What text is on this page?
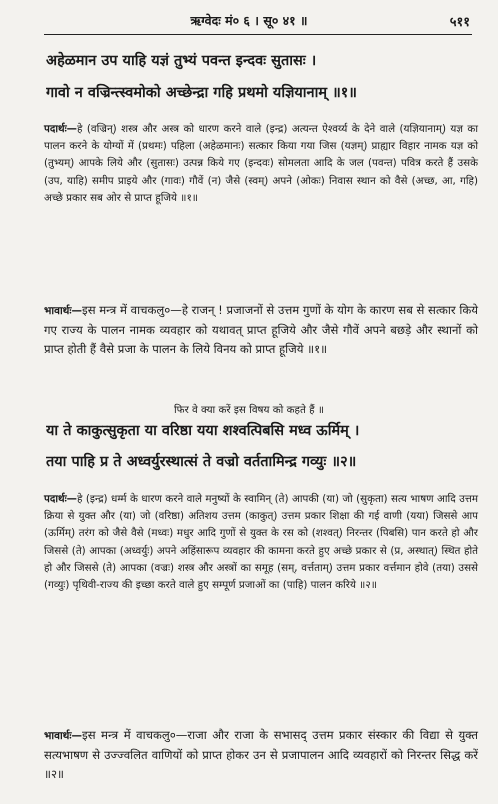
ऋग्वेदः मं० ६ । सू० ४१ ॥	५११
अहेळमान उप याहि यज्ञं तुभ्यं पवन्त इन्दवः सुतासः ।
गावो न वज्रिन्त्स्वमोको अच्छेन्द्रा गहि प्रथमो यज्ञियानाम् ॥१॥

पदार्थः—हे (वज्रिन्) शस्त्र और अस्त्र को धारण करने वाले (इन्द्र) अत्यन्त ऐश्वर्य्य के देने वाले (यज्ञियानाम्) यज्ञ का पालन करने के योग्यों में (प्रथमः) पहिला (अहेळमानः) सत्कार किया गया जिस (यज्ञम्) प्राह्यार विहार नामक यज्ञ को (तुभ्यम्) आपके लिये और (सुतासः) उत्पन्न किये गए (इन्दवः) सोमलता आदि के जल (पवन्त) पवित्र करते हैं उसके (उप, याहि) समीप प्राइये और (गावः) गौवें (न) जैसे (स्वम्) अपने (ओकः) निवास स्थान को वैसे (अच्छ, आ, गहि) अच्छे प्रकार सब ओर से प्राप्त हूजिये ॥१॥

भावार्थः—इस मन्त्र में वाचकलु०—हे राजन् ! प्रजाजनों से उत्तम गुणों के योग के कारण सब से सत्कार किये गए राज्य के पालन नामक व्यवहार को यथावत् प्राप्त हूजिये और जैसे गौवें अपने बछड़े और स्थानों को प्राप्त होती हैं वैसे प्रजा के पालन के लिये विनय को प्राप्त हूजिये ॥१॥

फिर वे क्या करें इस विषय को कहते हैं ॥
या ते काकुत्सुकृता या वरिष्ठा यया शश्वत्पिबसि मध्व ऊर्मिम् ।
तया पाहि प्र ते अध्वर्युरस्थात्सं ते वज्रो वर्ततामिन्द्र गव्युः ॥२॥

पदार्थः—हे (इन्द्र) धर्म्म के धारण करने वाले मनुष्यों के स्वामिन् (ते) आपकी (या) जो (सुकृता) सत्य भाषण आदि उत्तम क्रिया से युक्त और (या) जो (वरिष्ठा) अतिशय उत्तम (काकुत्) उत्तम प्रकार शिक्षा की गई वाणी (यया) जिससे आप (ऊर्मिम्) तरंग को जैसे वैसे (मध्वः) मधुर आदि गुणों से युक्त के रस को (शश्वत्) निरन्तर (पिबसि) पान करते हो और जिससे (ते) आपका (अध्वर्युः) अपने अहिंसारूप व्यवहार की कामना करते हुए अच्छे प्रकार से (प्र, अस्थात्) स्थित होते हो और जिससे (ते) आपका (वज्रः) शस्त्र और अस्त्रों का समूह (सम्, वर्त्तताम्) उत्तम प्रकार वर्त्तमान होवे (तया) उससे (गव्युः) पृथिवी-राज्य की इच्छा करते वाले हुए सम्पूर्ण प्रजाओं का (पाहि) पालन करिये ॥२॥

भावार्थः—इस मन्त्र में वाचकलु०—राजा और राजा के सभासद् उत्तम प्रकार संस्कार की विद्या से युक्त सत्यभाषण से उज्ज्वलित वाणियों को प्राप्त होकर उन से प्रजापालन आदि व्यवहारों को निरन्तर सिद्ध करें ॥२॥
